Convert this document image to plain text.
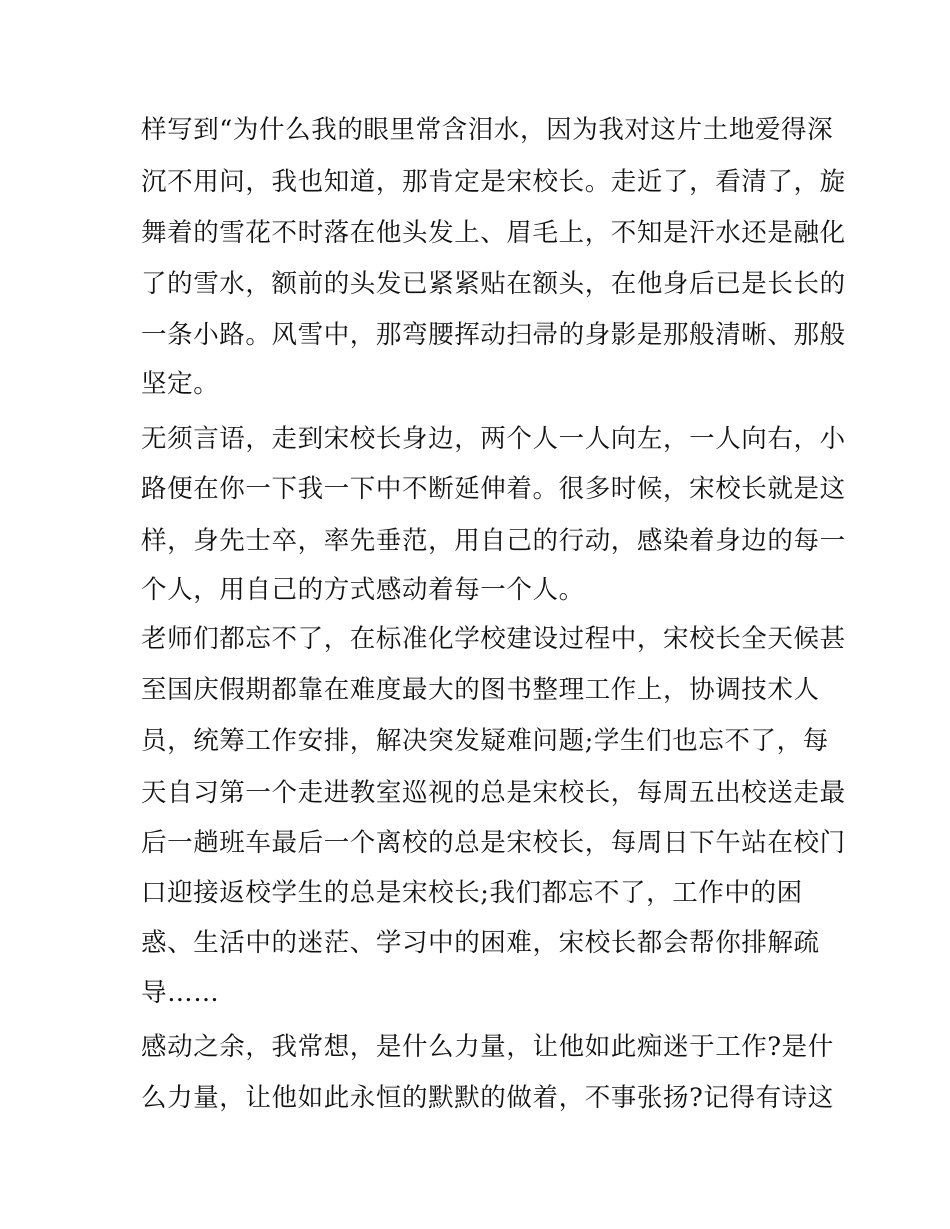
样写到“为什么我的眼里常含泪水，因为我对这片土地爱得深
沉不用问，我也知道，那肯定是宋校长。走近了，看清了，旋
舞着的雪花不时落在他头发上、眉毛上，不知是汗水还是融化
了的雪水，额前的头发已紧紧贴在额头，在他身后已是长长的
一条小路。风雪中，那弯腰挥动扫帚的身影是那般清晰、那般
坚定。
无须言语，走到宋校长身边，两个人一人向左，一人向右，小
路便在你一下我一下中不断延伸着。很多时候，宋校长就是这
样，身先士卒，率先垂范，用自己的行动，感染着身边的每一
个人，用自己的方式感动着每一个人。
老师们都忘不了，在标准化学校建设过程中，宋校长全天候甚
至国庆假期都靠在难度最大的图书整理工作上，协调技术人
员，统筹工作安排，解决突发疑难问题;学生们也忘不了，每
天自习第一个走进教室巡视的总是宋校长，每周五出校送走最
后一趟班车最后一个离校的总是宋校长，每周日下午站在校门
口迎接返校学生的总是宋校长;我们都忘不了，工作中的困
惑、生活中的迷茫、学习中的困难，宋校长都会帮你排解疏
导……
感动之余，我常想，是什么力量，让他如此痴迷于工作?是什
么力量，让他如此永恒的默默的做着，不事张扬?记得有诗这
